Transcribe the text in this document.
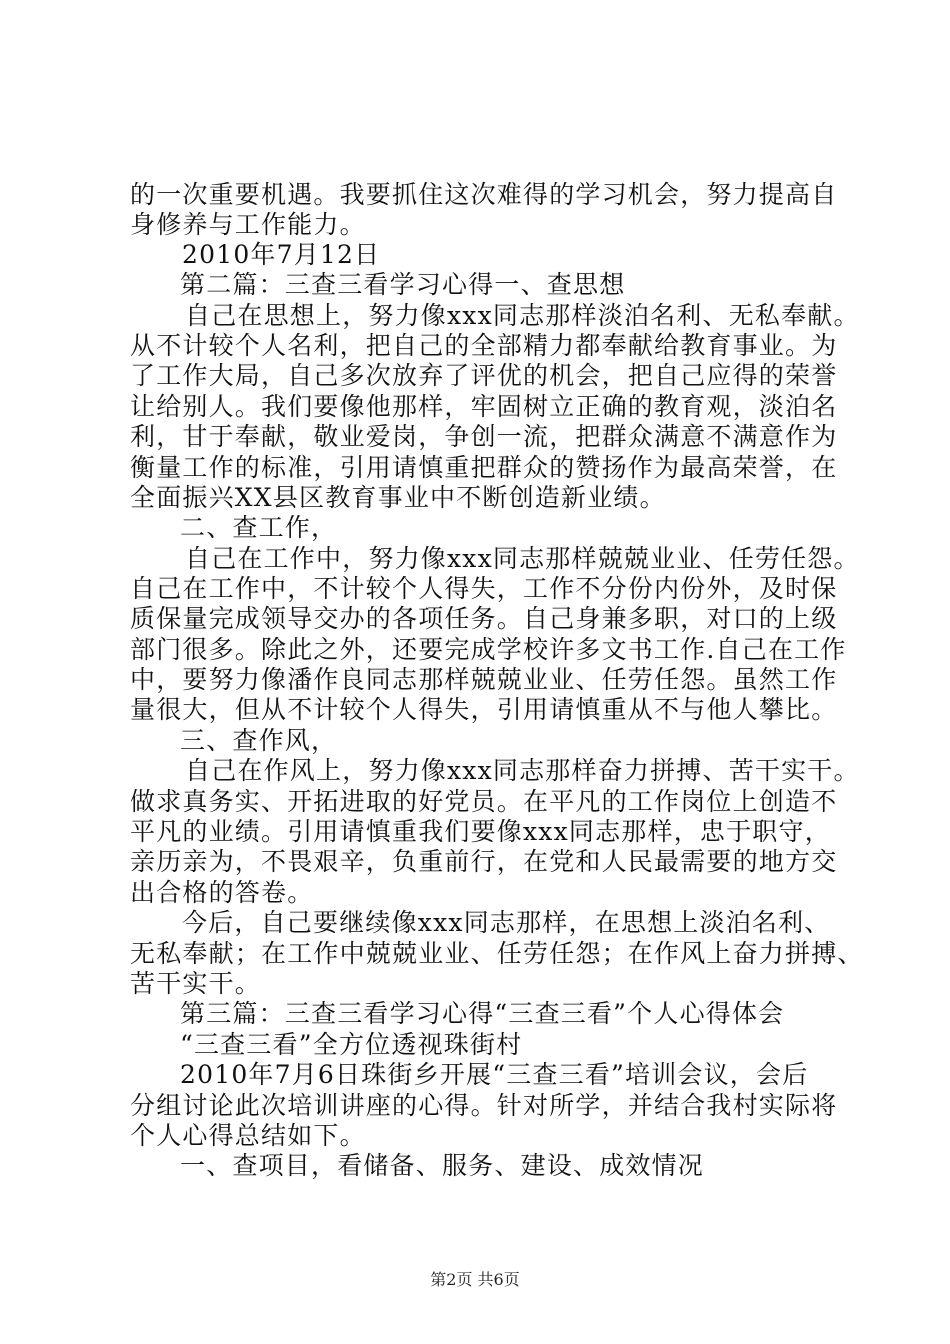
的一次重要机遇。我要抓住这次难得的学习机会，努力提高自
身修养与工作能力。
2010年7月12日
第二篇：三查三看学习心得一、查思想
自己在思想上，努力像xxx同志那样淡泊名利、无私奉献。
从不计较个人名利，把自己的全部精力都奉献给教育事业。为
了工作大局，自己多次放弃了评优的机会，把自己应得的荣誉
让给别人。我们要像他那样，牢固树立正确的教育观，淡泊名
利，甘于奉献，敬业爱岗，争创一流，把群众满意不满意作为
衡量工作的标准，引用请慎重把群众的赞扬作为最高荣誉，在
全面振兴XX县区教育事业中不断创造新业绩。
二、查工作，
自己在工作中，努力像xxx同志那样兢兢业业、任劳任怨。
自己在工作中，不计较个人得失，工作不分份内份外，及时保
质保量完成领导交办的各项任务。自己身兼多职，对口的上级
部门很多。除此之外，还要完成学校许多文书工作.自己在工作
中，要努力像潘作良同志那样兢兢业业、任劳任怨。虽然工作
量很大，但从不计较个人得失，引用请慎重从不与他人攀比。
三、查作风，
自己在作风上，努力像xxx同志那样奋力拼搏、苦干实干。
做求真务实、开拓进取的好党员。在平凡的工作岗位上创造不
平凡的业绩。引用请慎重我们要像xxx同志那样，忠于职守，
亲历亲为，不畏艰辛，负重前行，在党和人民最需要的地方交
出合格的答卷。
今后，自己要继续像xxx同志那样，在思想上淡泊名利、
无私奉献；在工作中兢兢业业、任劳任怨；在作风上奋力拼搏、
苦干实干。
第三篇：三查三看学习心得“三查三看”个人心得体会
“三查三看”全方位透视珠街村
2010年7月6日珠街乡开展“三查三看”培训会议，会后
分组讨论此次培训讲座的心得。针对所学，并结合我村实际将
个人心得总结如下。
一、查项目，看储备、服务、建设、成效情况
第2页 共6页
